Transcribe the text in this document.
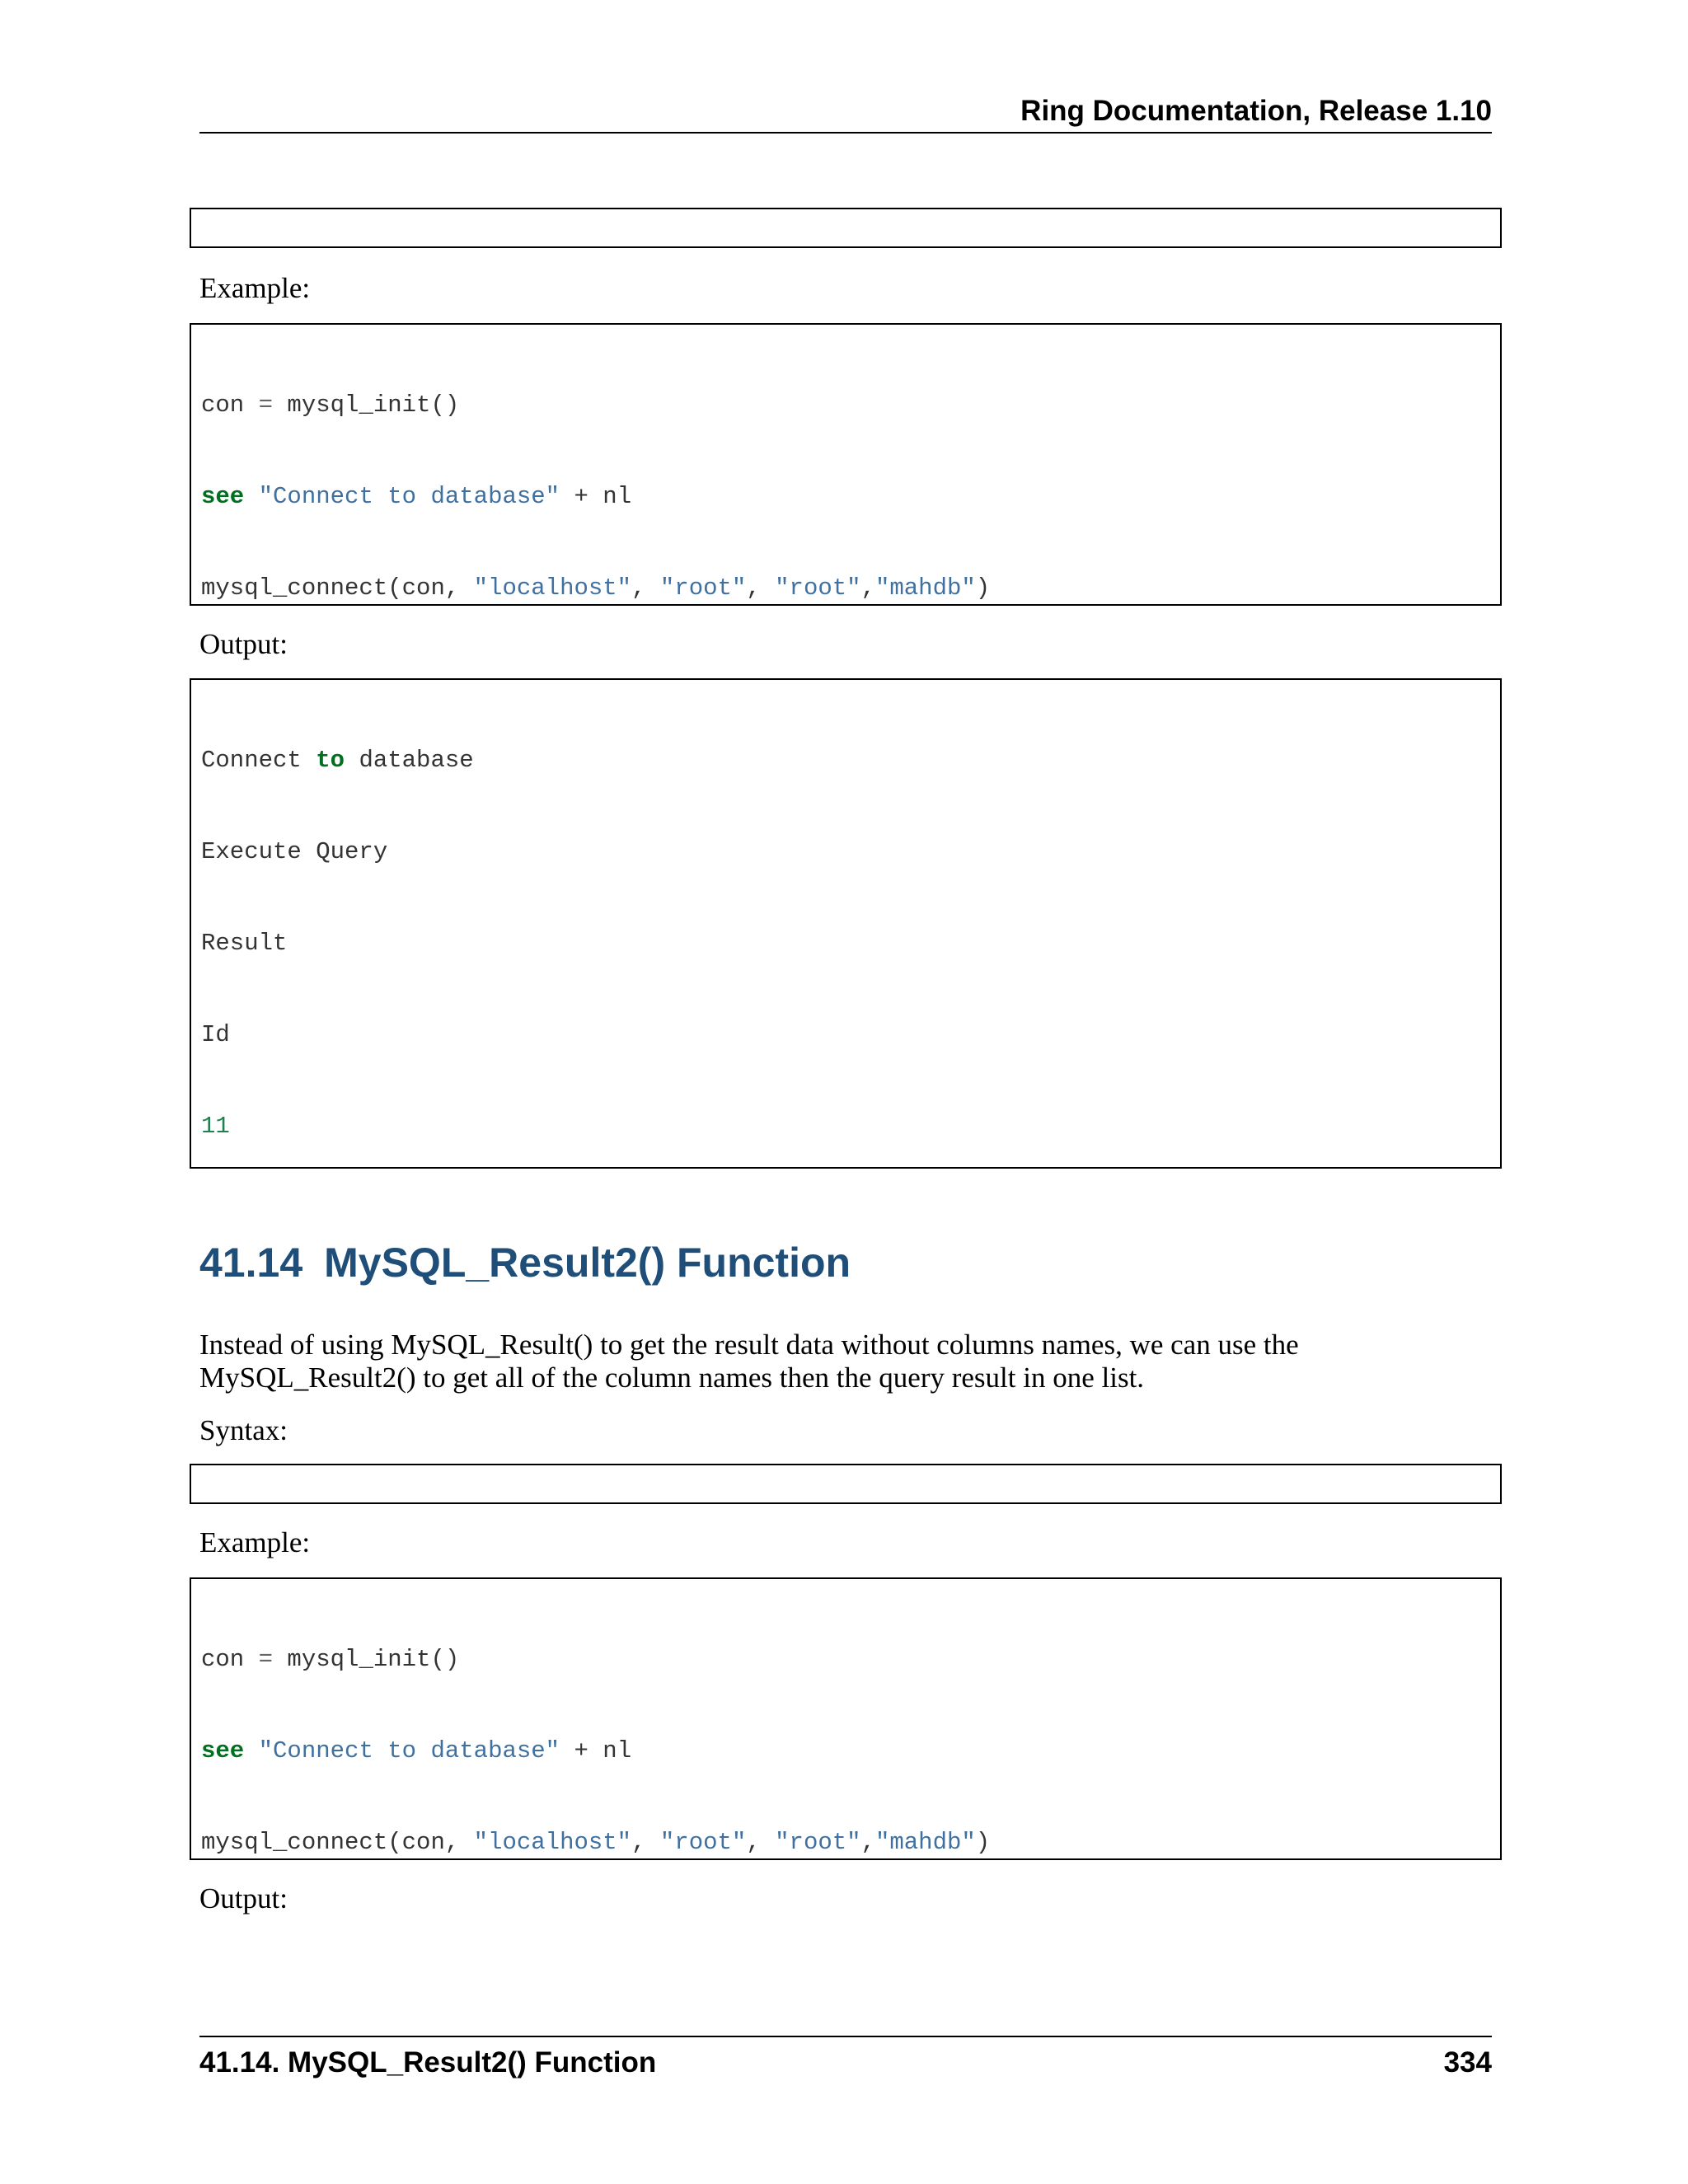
Ring Documentation, Release 1.10

Example:

con = mysql_init()

see "Connect to database" + nl

mysql_connect(con, "localhost", "root", "root","mahdb")

Output:

Connect to database

Execute Query

Result

Id

11

41.14 MySQL_Result2() Function
Instead of using MySQL_Result() to get the result data without columns names, we can use the MySQL_Result2() to get all of the column names then the query result in one list.
Syntax:

Example:

con = mysql_init()

see "Connect to database" + nl

mysql_connect(con, "localhost", "root", "root","mahdb")

Output:
41.14. MySQL_Result2() Function	334
